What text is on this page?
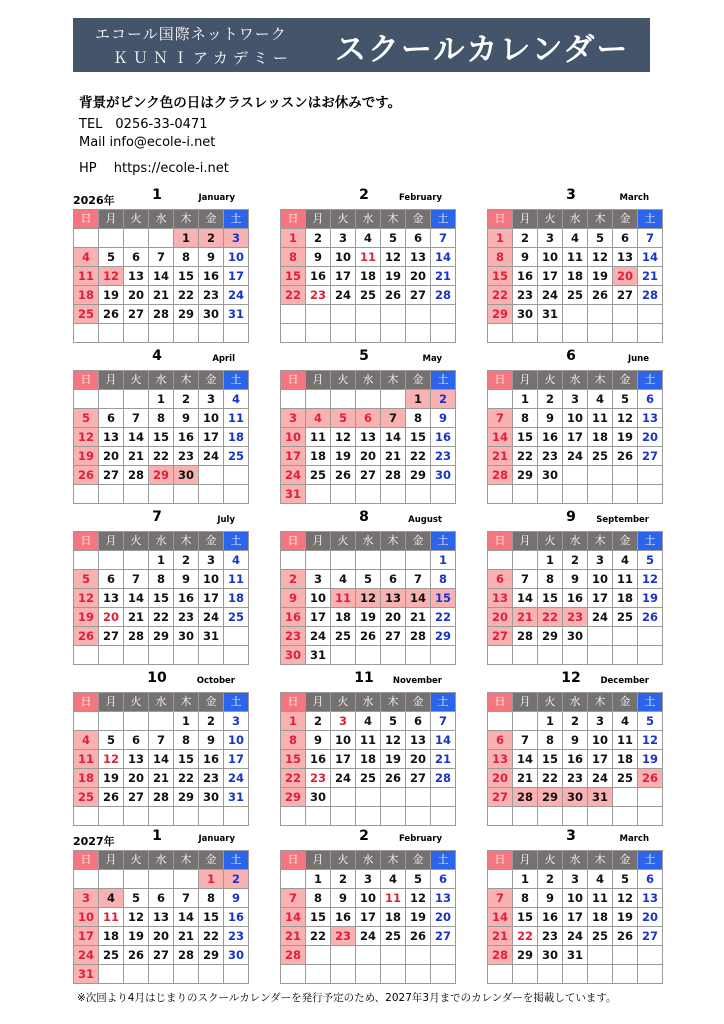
エコール国際ネットワーク
ＫＵＮＩアカデミー スクールカレンダー
背景がピンク色の日はクラスレッスンはお休みです。
TEL　0256-33-0471
Mail info@ecole-i.net
HP　 https://ecole-i.net
2026年	1	January
日	月	火	水	木	金	土
				1	2	3
4	5	6	7	8	9	10
11	12	13	14	15	16	17
18	19	20	21	22	23	24
25	26	27	28	29	30	31

2	February
日	月	火	水	木	金	土
1	2	3	4	5	6	7
8	9	10	11	12	13	14
15	16	17	18	19	20	21
22	23	24	25	26	27	28

3	March
日	月	火	水	木	金	土
1	2	3	4	5	6	7
8	9	10	11	12	13	14
15	16	17	18	19	20	21
22	23	24	25	26	27	28
29	30	31				

4	April
日	月	火	水	木	金	土
			1	2	3	4
5	6	7	8	9	10	11
12	13	14	15	16	17	18
19	20	21	22	23	24	25
26	27	28	29	30		

5	May
日	月	火	水	木	金	土
					1	2
3	4	5	6	7	8	9
10	11	12	13	14	15	16
17	18	19	20	21	22	23
24	25	26	27	28	29	30
31						
6	June
日	月	火	水	木	金	土
	1	2	3	4	5	6
7	8	9	10	11	12	13
14	15	16	17	18	19	20
21	22	23	24	25	26	27
28	29	30				

7	July
日	月	火	水	木	金	土
			1	2	3	4
5	6	7	8	9	10	11
12	13	14	15	16	17	18
19	20	21	22	23	24	25
26	27	28	29	30	31	

8	August
日	月	火	水	木	金	土
						1
2	3	4	5	6	7	8
9	10	11	12	13	14	15
16	17	18	19	20	21	22
23	24	25	26	27	28	29
30	31					
9	September
日	月	火	水	木	金	土
		1	2	3	4	5
6	7	8	9	10	11	12
13	14	15	16	17	18	19
20	21	22	23	24	25	26
27	28	29	30			

10	October
日	月	火	水	木	金	土
				1	2	3
4	5	6	7	8	9	10
11	12	13	14	15	16	17
18	19	20	21	22	23	24
25	26	27	28	29	30	31

11	November
日	月	火	水	木	金	土
1	2	3	4	5	6	7
8	9	10	11	12	13	14
15	16	17	18	19	20	21
22	23	24	25	26	27	28
29	30					

12	December
日	月	火	水	木	金	土
		1	2	3	4	5
6	7	8	9	10	11	12
13	14	15	16	17	18	19
20	21	22	23	24	25	26
27	28	29	30	31		

2027年	1	January
日	月	火	水	木	金	土
					1	2
3	4	5	6	7	8	9
10	11	12	13	14	15	16
17	18	19	20	21	22	23
24	25	26	27	28	29	30
31						
2	February
日	月	火	水	木	金	土
	1	2	3	4	5	6
7	8	9	10	11	12	13
14	15	16	17	18	19	20
21	22	23	24	25	26	27
28						

3	March
日	月	火	水	木	金	土
	1	2	3	4	5	6
7	8	9	10	11	12	13
14	15	16	17	18	19	20
21	22	23	24	25	26	27
28	29	30	31			

※次回より4月はじまりのスクールカレンダーを発行予定のため、2027年3月までのカレンダーを掲載しています。
